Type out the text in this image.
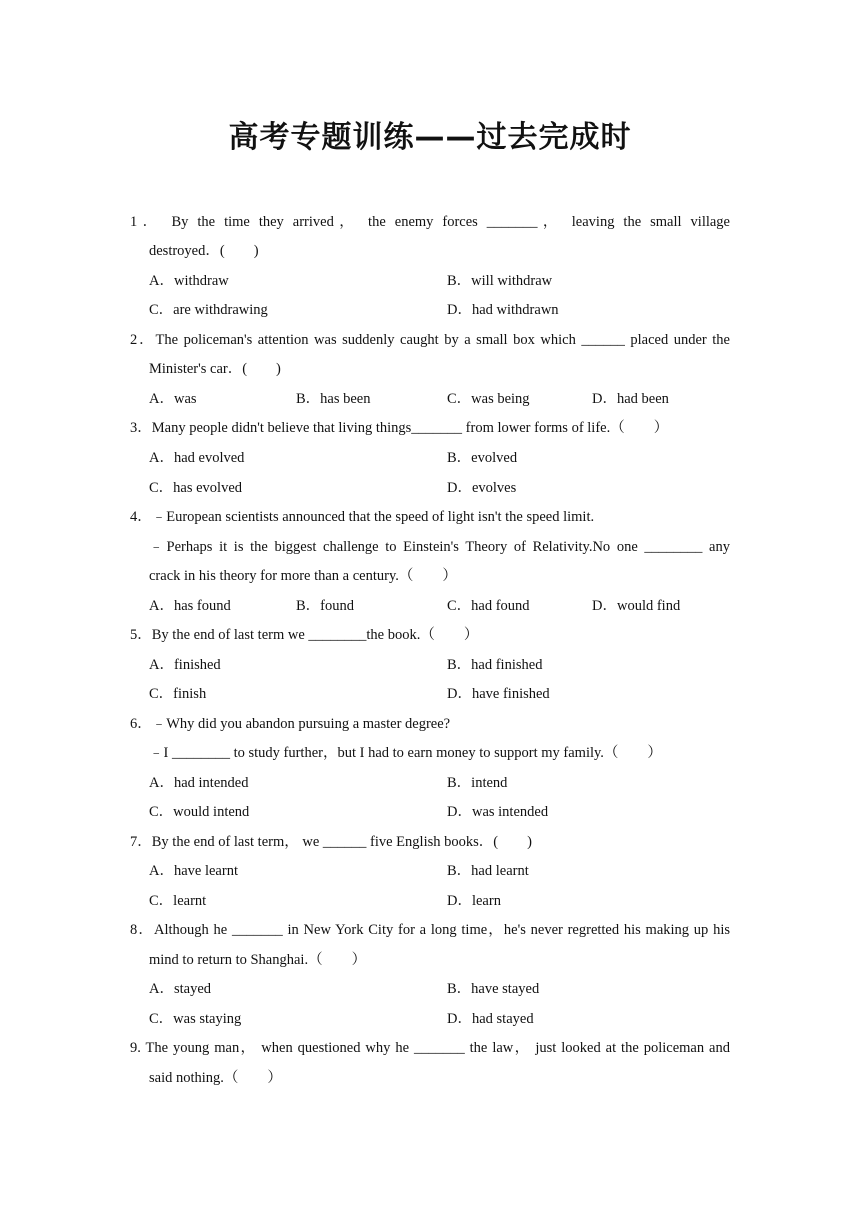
高考专题训练——过去完成时
1． By the time they arrived， the enemy forces _______， leaving the small village
destroyed．(　　)
A．withdraw	B．will withdraw
C．are withdrawing	D．had withdrawn
2．The policeman's attention was suddenly caught by a small box which ______ placed under the
Minister's car．(　　)
A．was	B．has been	C．was being	D．had been
3．Many people didn't believe that living things_______ from lower forms of life.（　　）
A．had evolved	B．evolved
C．has evolved	D．evolves
4．﹣European scientists announced that the speed of light isn't the speed limit.
﹣Perhaps it is the biggest challenge to Einstein's Theory of Relativity.No one ________ any
crack in his theory for more than a century.（　　）
A．has found	B．found	C．had found	D．would find
5．By the end of last term we ________the book.（　　）
A．finished	B．had finished
C．finish	D．have finished
6．﹣Why did you abandon pursuing a master degree?
﹣I ________ to study further，but I had to earn money to support my family.（　　）
A．had intended	B．intend
C．would intend	D．was intended
7．By the end of last term， we ______ five English books．(　　)
A．have learnt	B．had learnt
C．learnt	D．learn
8．Although he _______ in New York City for a long time，he's never regretted his making up his
mind to return to Shanghai.（　　）
A．stayed	B．have stayed
C．was staying	D．had stayed
9. The young man， when questioned why he _______ the law， just looked at the policeman and
said nothing.（　　）
